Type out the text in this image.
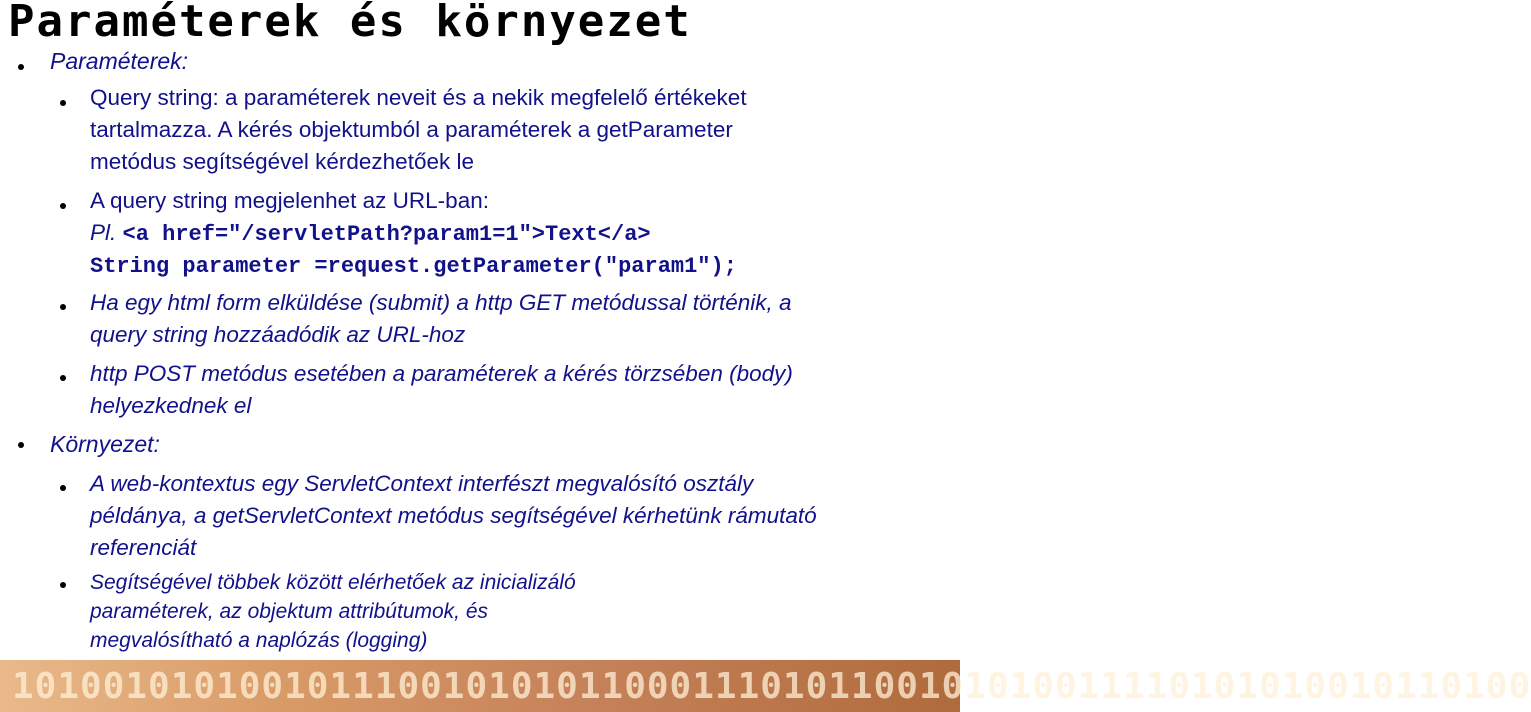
Paraméterek és környezet
Paraméterek:
Query string: a paraméterek neveit és a nekik megfelelő értékeket
tartalmazza. A kérés objektumból a paraméterek a getParameter
metódus segítségével kérdezhetőek le
A query string megjelenhet az URL-ban:
Pl. <a href="/servletPath?param1=1">Text</a>
String parameter =request.getParameter("param1");
Ha egy html form elküldése (submit) a http GET metódussal történik, a
query string hozzáadódik az URL-hoz
http POST metódus esetében a paraméterek a kérés törzsében (body)
helyezkednek el
Környezet:
A web-kontextus egy ServletContext interfészt megvalósító osztály
példánya, a getServletContext metódus segítségével kérhetünk rámutató
referenciát
Segítségével többek között elérhetőek az inicializáló
paraméterek, az objektum attribútumok, és
megvalósítható a naplózás (logging)
1010010101001011100101010110001110101100101010011110101010010110100
